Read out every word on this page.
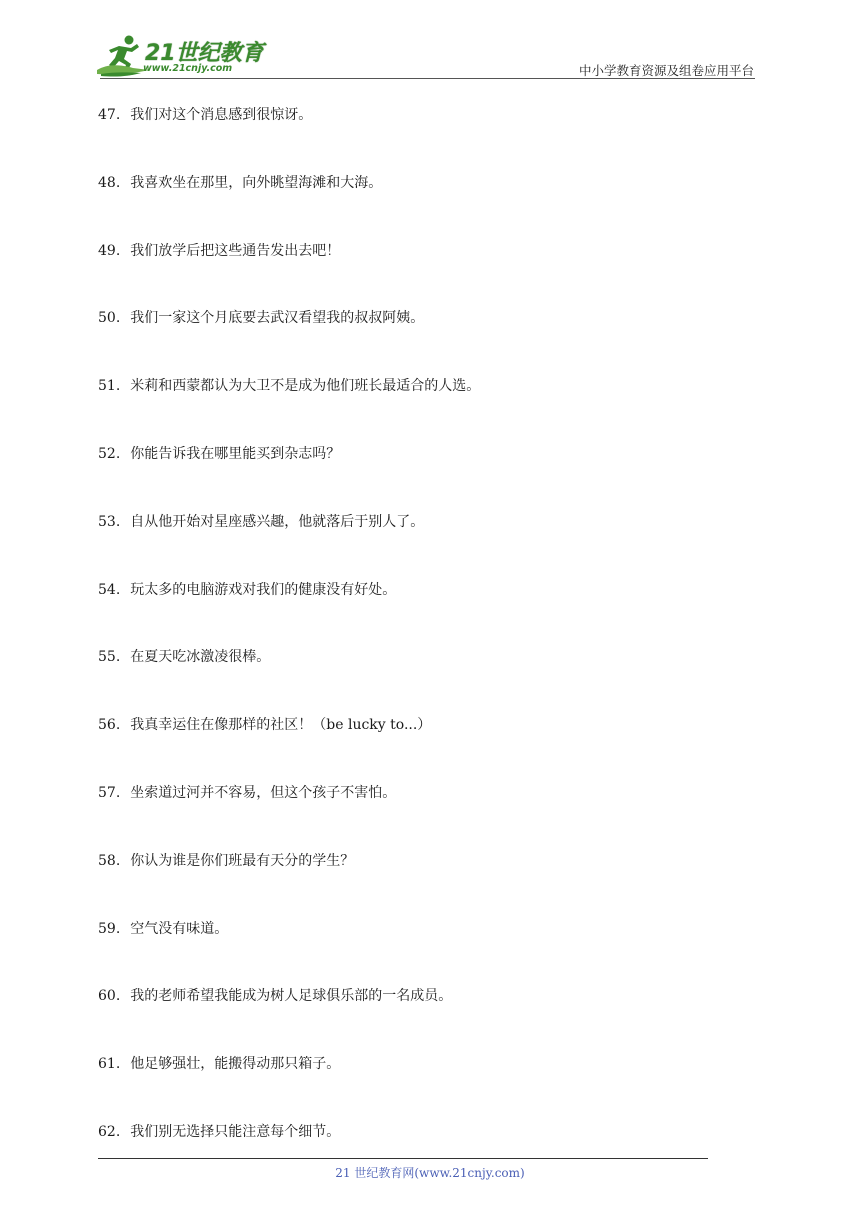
21世纪教育
www.21cnjy.com	中小学教育资源及组卷应用平台
47. 我们对这个消息感到很惊讶。
48. 我喜欢坐在那里，向外眺望海滩和大海。
49. 我们放学后把这些通告发出去吧！
50. 我们一家这个月底要去武汉看望我的叔叔阿姨。
51. 米莉和西蒙都认为大卫不是成为他们班长最适合的人选。
52. 你能告诉我在哪里能买到杂志吗？
53. 自从他开始对星座感兴趣，他就落后于别人了。
54. 玩太多的电脑游戏对我们的健康没有好处。
55. 在夏天吃冰激凌很棒。
56. 我真幸运住在像那样的社区！（be lucky to...）
57. 坐索道过河并不容易，但这个孩子不害怕。
58. 你认为谁是你们班最有天分的学生？
59. 空气没有味道。
60. 我的老师希望我能成为树人足球俱乐部的一名成员。
61. 他足够强壮，能搬得动那只箱子。
62. 我们别无选择只能注意每个细节。
21 世纪教育网(www.21cnjy.com)
